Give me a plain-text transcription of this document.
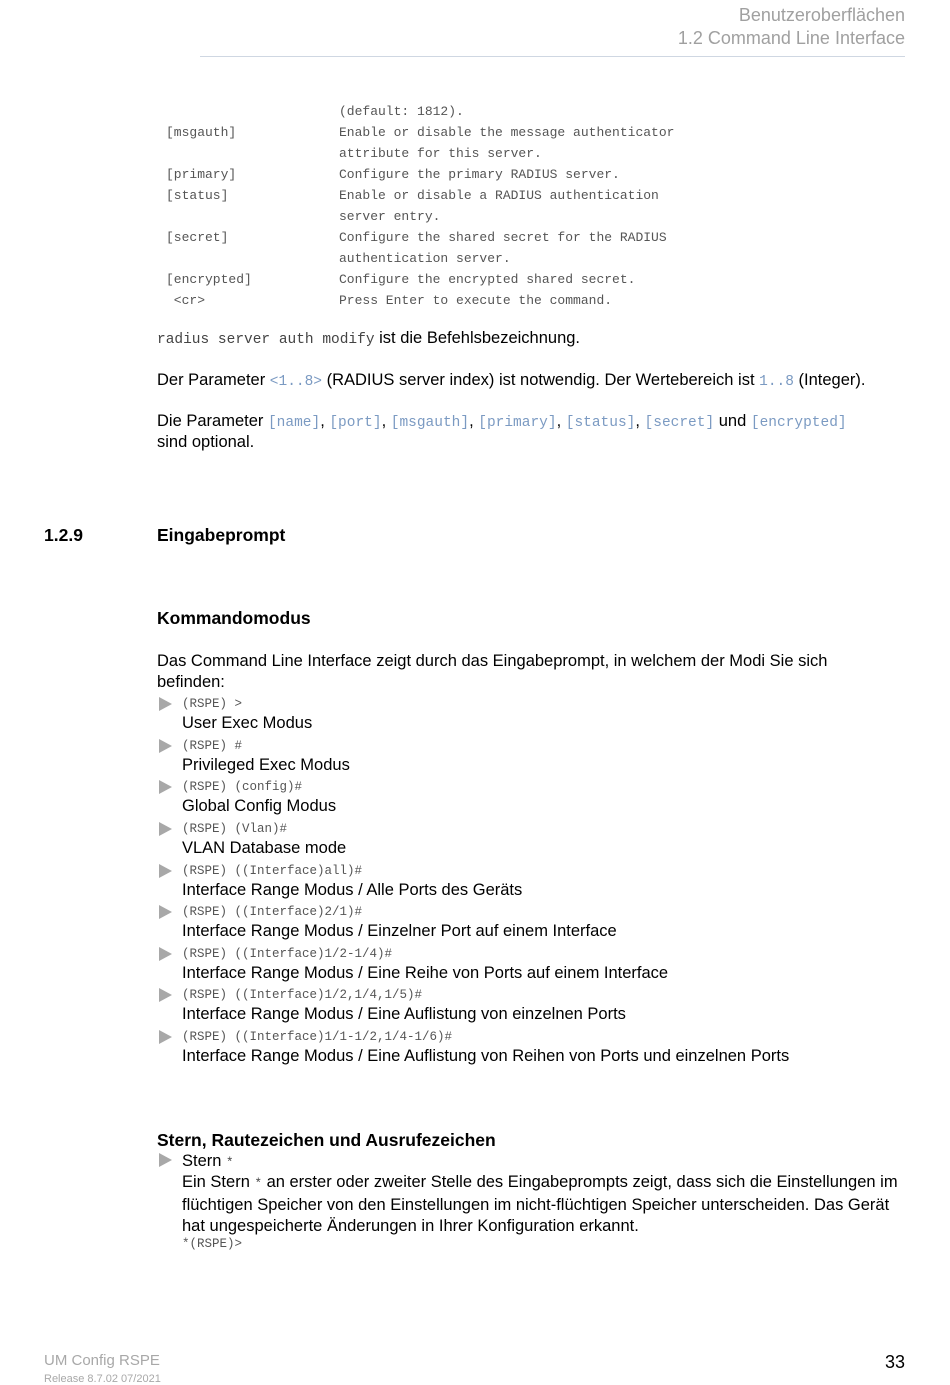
Benutzeroberflächen
1.2 Command Line Interface

(default: 1812).

[msgauth]	Enable or disable the message authenticator

attribute for this server.

[primary]	Configure the primary RADIUS server.

[status]	Enable or disable a RADIUS authentication

server entry.

[secret]	Configure the shared secret for the RADIUS

authentication server.

[encrypted]	Configure the encrypted shared secret.

<cr>	Press Enter to execute the command.

radius server auth modify ist die Befehlsbezeichnung.
Der Parameter <1..8> (RADIUS server index) ist notwendig. Der Wertebereich ist 1..8 (Integer).
Die Parameter [name], [port], [msgauth], [primary], [status], [secret] und [encrypted]
sind optional.
1.2.9	Eingabeprompt
Kommandomodus
Das Command Line Interface zeigt durch das Eingabeprompt, in welchem der Modi Sie sich
befinden:
(RSPE) >
User Exec Modus
(RSPE) #
Privileged Exec Modus
(RSPE) (config)#
Global Config Modus
(RSPE) (Vlan)#
VLAN Database mode
(RSPE) ((Interface)all)#
Interface Range Modus / Alle Ports des Geräts
(RSPE) ((Interface)2/1)#
Interface Range Modus / Einzelner Port auf einem Interface
(RSPE) ((Interface)1/2-1/4)#
Interface Range Modus / Eine Reihe von Ports auf einem Interface
(RSPE) ((Interface)1/2,1/4,1/5)#
Interface Range Modus / Eine Auflistung von einzelnen Ports
(RSPE) ((Interface)1/1-1/2,1/4-1/6)#
Interface Range Modus / Eine Auflistung von Reihen von Ports und einzelnen Ports
Stern, Rautezeichen und Ausrufezeichen
Stern *
Ein Stern * an erster oder zweiter Stelle des Eingabeprompts zeigt, dass sich die Einstellungen im flüchtigen Speicher von den Einstellungen im nicht-flüchtigen Speicher unterscheiden. Das Gerät hat ungespeicherte Änderungen in Ihrer Konfiguration erkannt.
*(RSPE)>
UM Config RSPE
Release 8.7.02 07/2021
33
